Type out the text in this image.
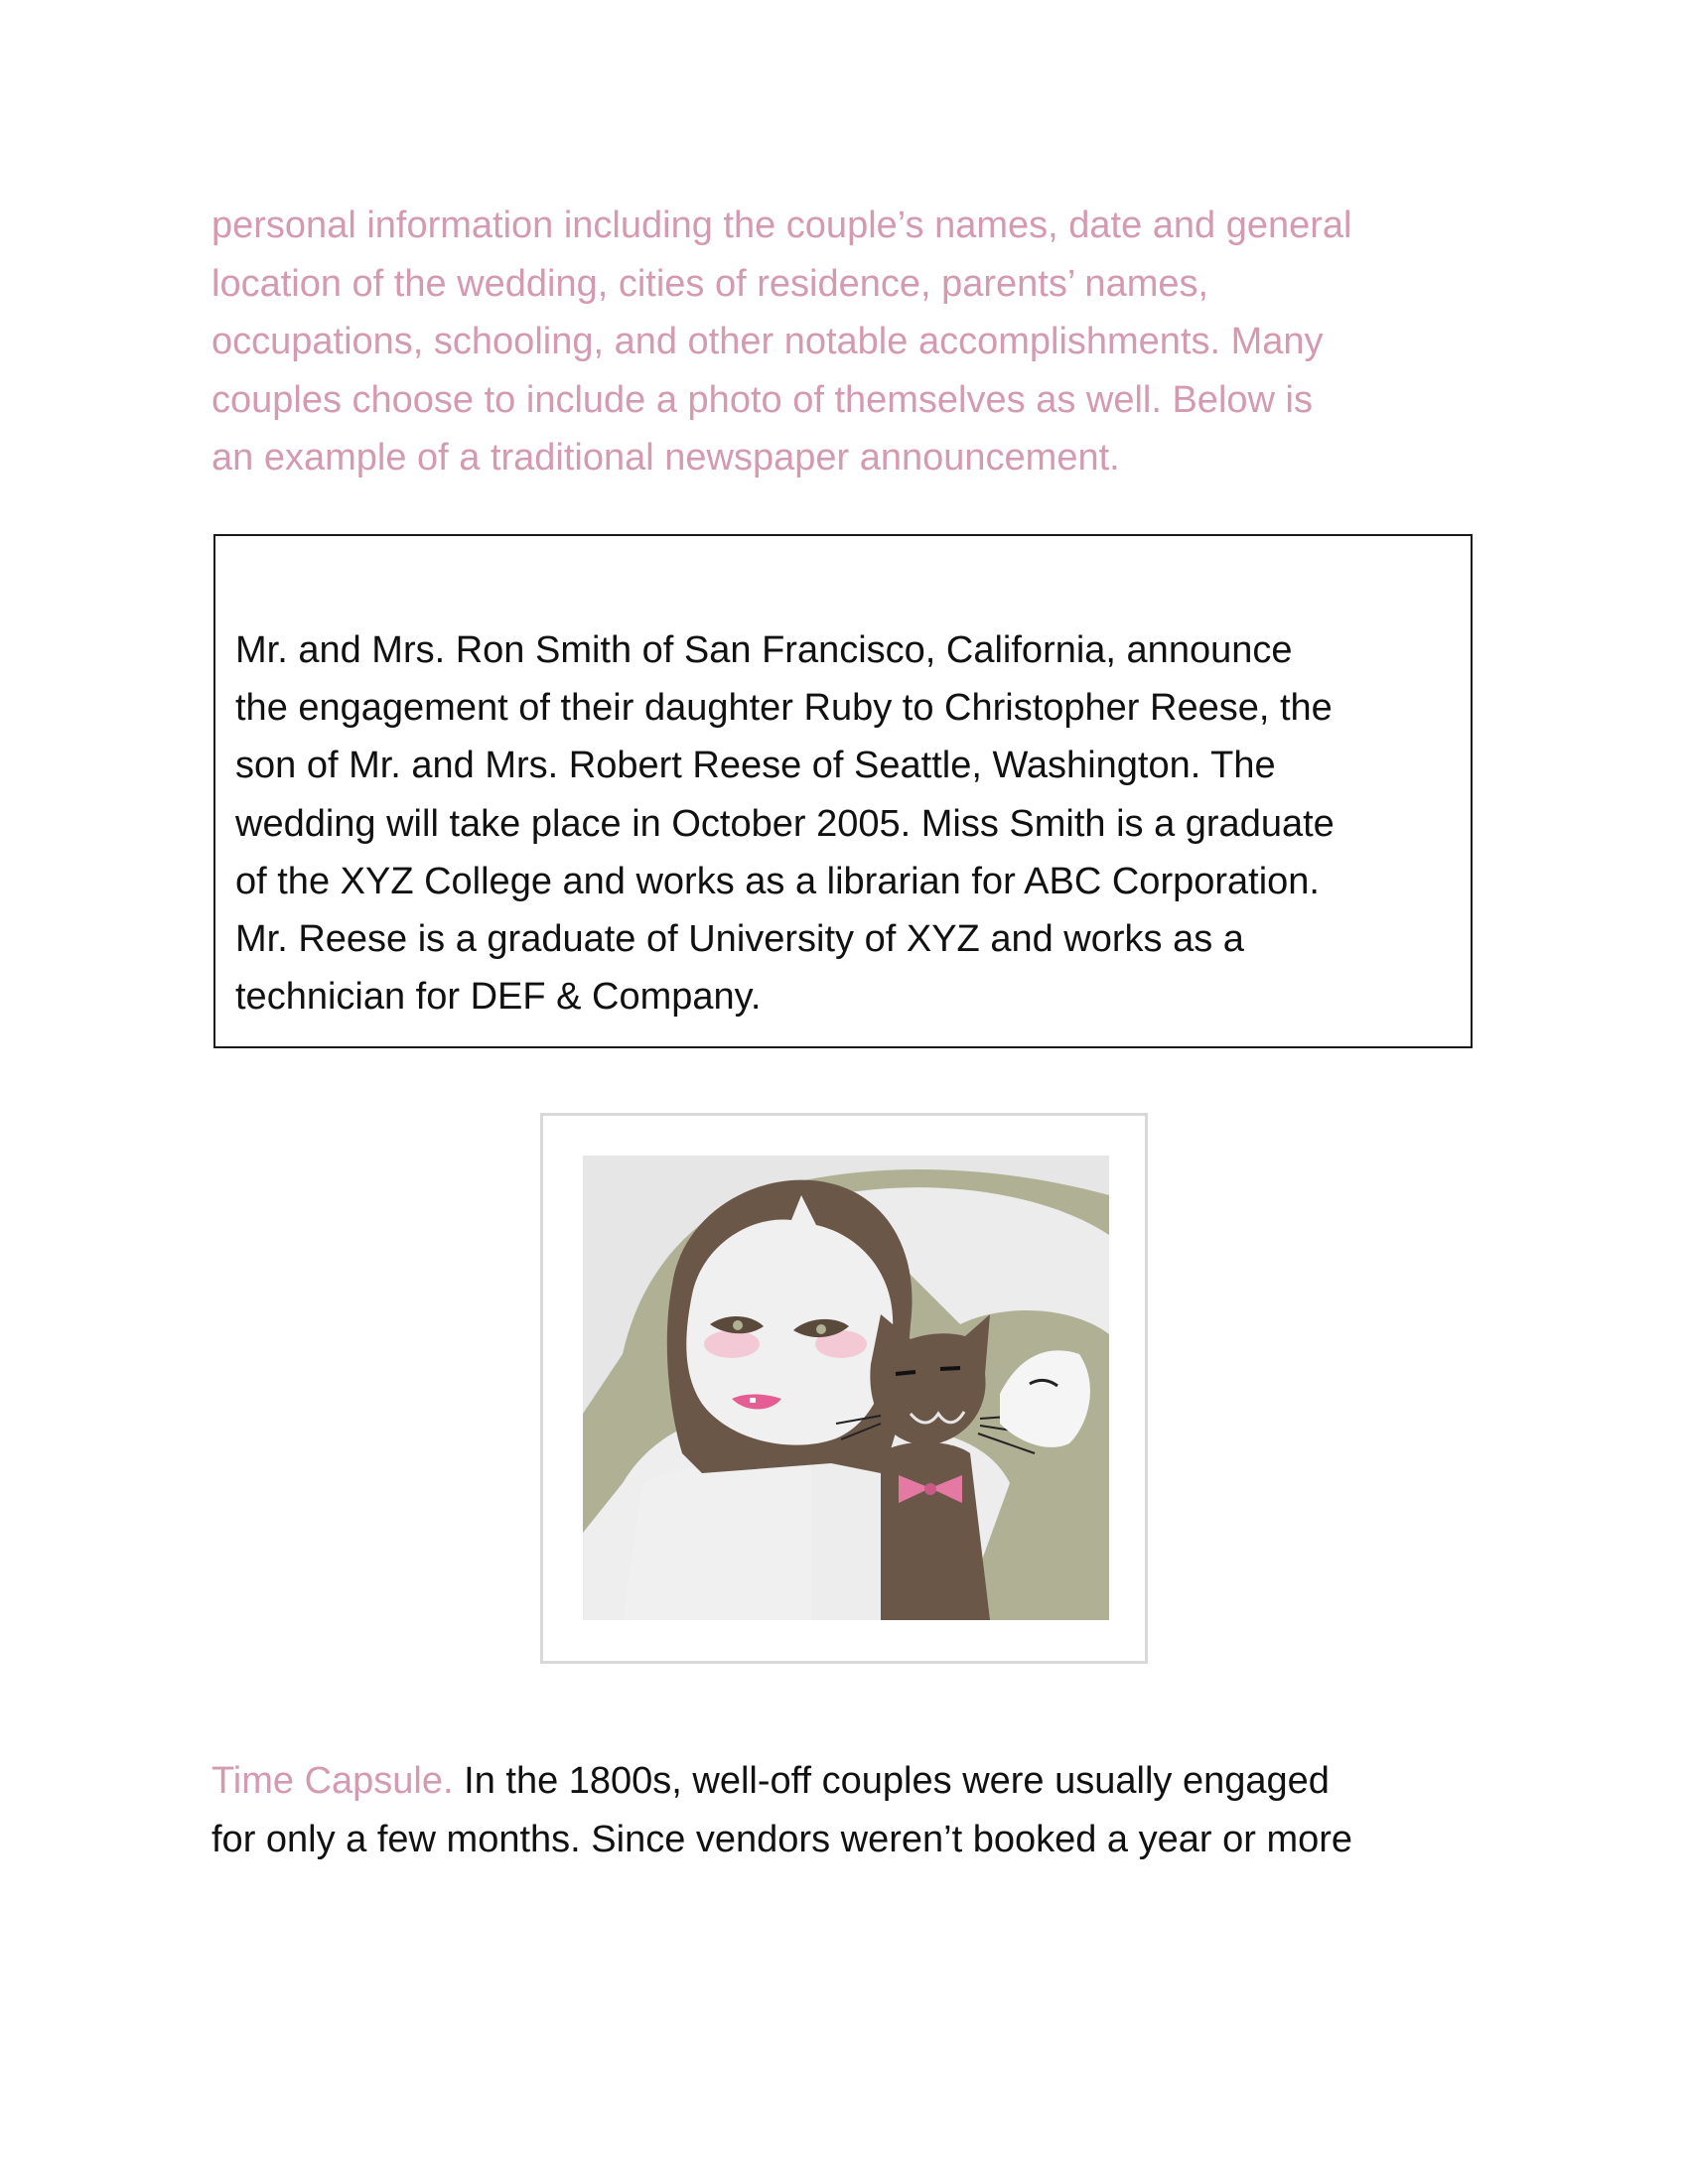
personal information including the couple’s names, date and general
location of the wedding, cities of residence, parents’ names,
occupations, schooling, and other notable accomplishments. Many
couples choose to include a photo of themselves as well. Below is
an example of a traditional newspaper announcement.
Mr. and Mrs. Ron Smith of San Francisco, California, announce
the engagement of their daughter Ruby to Christopher Reese, the
son of Mr. and Mrs. Robert Reese of Seattle, Washington. The
wedding will take place in October 2005. Miss Smith is a graduate
of the XYZ College and works as a librarian for ABC Corporation.
Mr. Reese is a graduate of University of XYZ and works as a
technician for DEF & Company.
Time Capsule. In the 1800s, well-off couples were usually engaged
for only a few months. Since vendors weren’t booked a year or more
